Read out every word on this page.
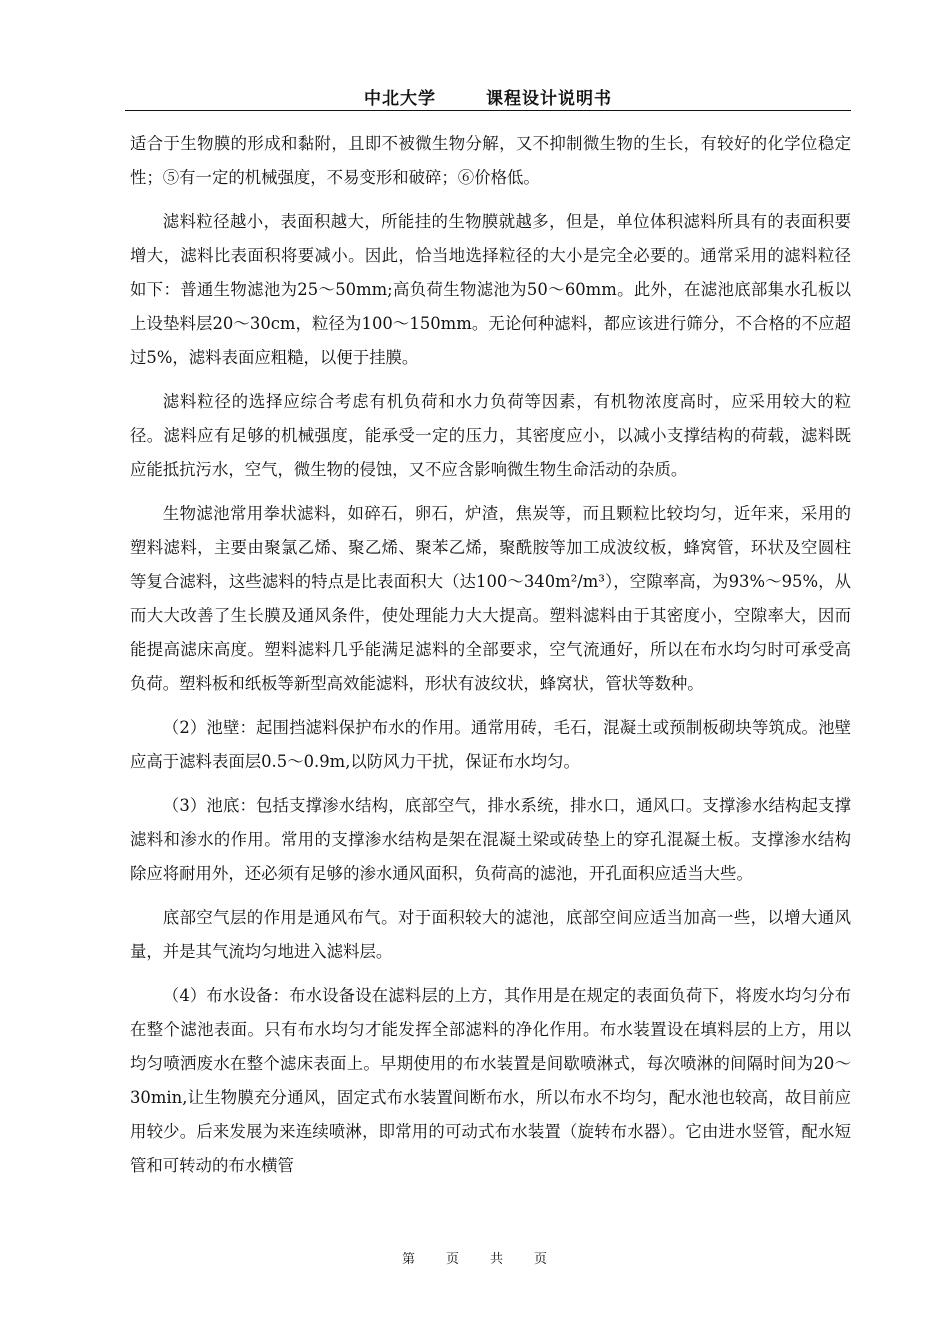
中北大学	课程设计说明书

适合于生物膜的形成和黏附，且即不被微生物分解，又不抑制微生物的生长，有较好的化学位稳定性；⑤有一定的机械强度，不易变形和破碎；⑥价格低。

滤料粒径越小，表面积越大，所能挂的生物膜就越多，但是，单位体积滤料所具有的表面积要增大，滤料比表面积将要减小。因此，恰当地选择粒径的大小是完全必要的。通常采用的滤料粒径如下：普通生物滤池为25～50mm;高负荷生物滤池为50～60mm。此外，在滤池底部集水孔板以上设垫料层20～30cm，粒径为100～150mm。无论何种滤料，都应该进行筛分，不合格的不应超过5%，滤料表面应粗糙，以便于挂膜。

滤料粒径的选择应综合考虑有机负荷和水力负荷等因素，有机物浓度高时，应采用较大的粒径。滤料应有足够的机械强度，能承受一定的压力，其密度应小，以减小支撑结构的荷载，滤料既应能抵抗污水，空气，微生物的侵蚀，又不应含影响微生物生命活动的杂质。

生物滤池常用拳状滤料，如碎石，卵石，炉渣，焦炭等，而且颗粒比较均匀，近年来，采用的塑料滤料，主要由聚氯乙烯、聚乙烯、聚苯乙烯，聚酰胺等加工成波纹板，蜂窝管，环状及空圆柱等复合滤料，这些滤料的特点是比表面积大（达100～340m²/m³），空隙率高，为93%～95%，从而大大改善了生长膜及通风条件，使处理能力大大提高。塑料滤料由于其密度小，空隙率大，因而能提高滤床高度。塑料滤料几乎能满足滤料的全部要求，空气流通好，所以在布水均匀时可承受高负荷。塑料板和纸板等新型高效能滤料，形状有波纹状，蜂窝状，管状等数种。

（2）池壁：起围挡滤料保护布水的作用。通常用砖，毛石，混凝土或预制板砌块等筑成。池壁应高于滤料表面层0.5～0.9m,以防风力干扰，保证布水均匀。

（3）池底：包括支撑渗水结构，底部空气，排水系统，排水口，通风口。支撑渗水结构起支撑滤料和渗水的作用。常用的支撑渗水结构是架在混凝土梁或砖垫上的穿孔混凝土板。支撑渗水结构除应将耐用外，还必须有足够的渗水通风面积，负荷高的滤池，开孔面积应适当大些。

底部空气层的作用是通风布气。对于面积较大的滤池，底部空间应适当加高一些，以增大通风量，并是其气流均匀地进入滤料层。

（4）布水设备：布水设备设在滤料层的上方，其作用是在规定的表面负荷下，将废水均匀分布在整个滤池表面。只有布水均匀才能发挥全部滤料的净化作用。布水装置设在填料层的上方，用以均匀喷洒废水在整个滤床表面上。早期使用的布水装置是间歇喷淋式，每次喷淋的间隔时间为20～30min,让生物膜充分通风，固定式布水装置间断布水，所以布水不均匀，配水池也较高，故目前应用较少。后来发展为来连续喷淋，即常用的可动式布水装置（旋转布水器）。它由进水竖管，配水短管和可转动的布水横管

第 页 共 页
